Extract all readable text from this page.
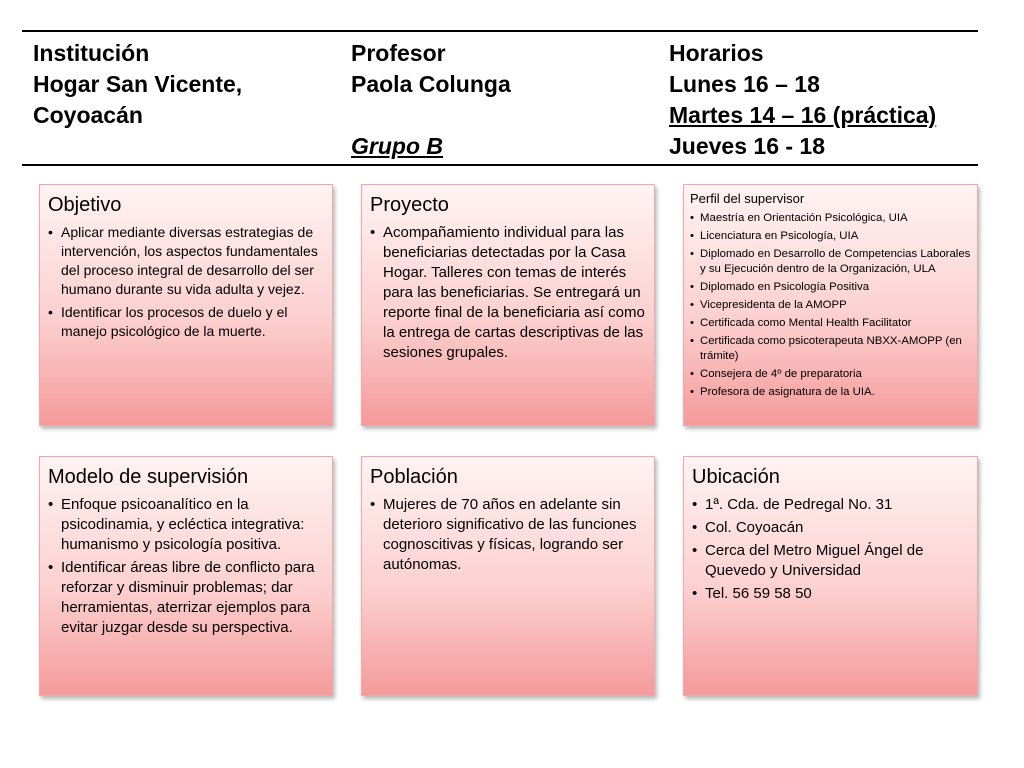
Institución
Hogar San Vicente,
Coyoacán
Profesor
Paola Colunga

Grupo B
Horarios
Lunes 16 – 18
Martes 14 – 16 (práctica)
Jueves 16 - 18
Objetivo
• Aplicar mediante diversas estrategias de intervención, los aspectos fundamentales del proceso integral de desarrollo del ser humano durante su vida adulta y vejez.
• Identificar los procesos de duelo y el manejo psicológico de la muerte.
Proyecto
• Acompañamiento individual para las beneficiarias detectadas por la Casa Hogar. Talleres con temas de interés para las beneficiarias. Se entregará un reporte final de la beneficiaria así como la entrega de cartas descriptivas de las sesiones grupales.
Perfil del supervisor
• Maestría en Orientación Psicológica, UIA
• Licenciatura en Psicología, UIA
• Diplomado en Desarrollo de Competencias Laborales y su Ejecución dentro de la Organización, ULA
• Diplomado en Psicología Positiva
• Vicepresidenta de la AMOPP
• Certificada como Mental Health Facilitator
• Certificada como psicoterapeuta NBXX-AMOPP (en trámite)
• Consejera de 4º de preparatoria
• Profesora de asignatura de la UIA.
Modelo de supervisión
• Enfoque psicoanalítico en la psicodinamia, y ecléctica integrativa: humanismo y psicología positiva.
• Identificar áreas libre de conflicto para reforzar y disminuir problemas; dar herramientas, aterrizar ejemplos para evitar juzgar desde su perspectiva.
Población
• Mujeres de 70 años en adelante sin deterioro significativo de las funciones cognoscitivas y físicas, logrando ser autónomas.
Ubicación
• 1ª. Cda. de Pedregal No. 31
• Col. Coyoacán
• Cerca del Metro Miguel Ángel de Quevedo y Universidad
• Tel. 56 59 58 50
